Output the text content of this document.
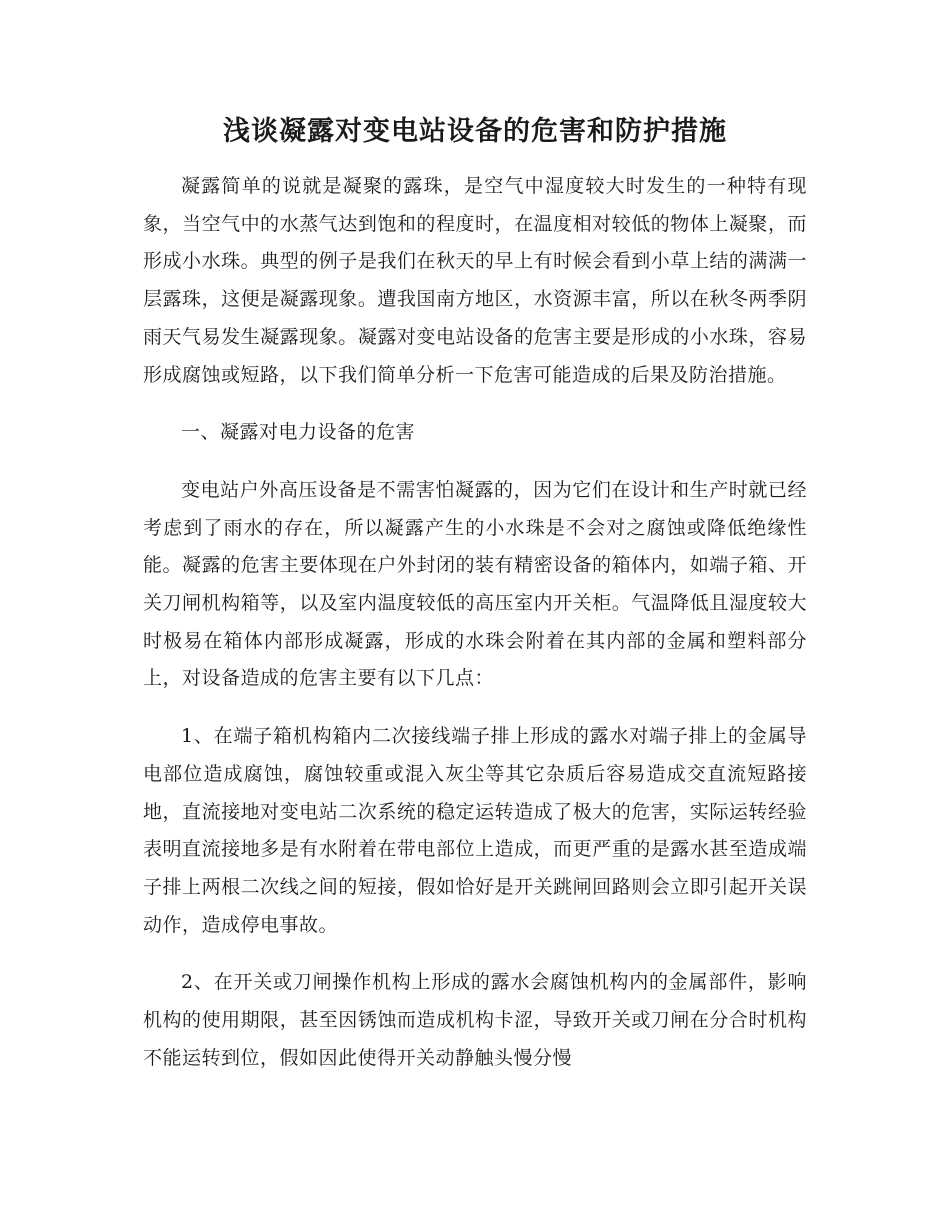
浅谈凝露对变电站设备的危害和防护措施

凝露简单的说就是凝聚的露珠，是空气中湿度较大时发生的一种特有现象，当空气中的水蒸气达到饱和的程度时，在温度相对较低的物体上凝聚，而形成小水珠。典型的例子是我们在秋天的早上有时候会看到小草上结的满满一层露珠，这便是凝露现象。遭我国南方地区，水资源丰富，所以在秋冬两季阴雨天气易发生凝露现象。凝露对变电站设备的危害主要是形成的小水珠，容易形成腐蚀或短路，以下我们简单分析一下危害可能造成的后果及防治措施。

一、凝露对电力设备的危害

变电站户外高压设备是不需害怕凝露的，因为它们在设计和生产时就已经考虑到了雨水的存在，所以凝露产生的小水珠是不会对之腐蚀或降低绝缘性能。凝露的危害主要体现在户外封闭的装有精密设备的箱体内，如端子箱、开关刀闸机构箱等，以及室内温度较低的高压室内开关柜。气温降低且湿度较大时极易在箱体内部形成凝露，形成的水珠会附着在其内部的金属和塑料部分上，对设备造成的危害主要有以下几点：

1、在端子箱机构箱内二次接线端子排上形成的露水对端子排上的金属导电部位造成腐蚀，腐蚀较重或混入灰尘等其它杂质后容易造成交直流短路接地，直流接地对变电站二次系统的稳定运转造成了极大的危害，实际运转经验表明直流接地多是有水附着在带电部位上造成，而更严重的是露水甚至造成端子排上两根二次线之间的短接，假如恰好是开关跳闸回路则会立即引起开关误动作，造成停电事故。

2、在开关或刀闸操作机构上形成的露水会腐蚀机构内的金属部件，影响机构的使用期限，甚至因锈蚀而造成机构卡涩，导致开关或刀闸在分合时机构不能运转到位，假如因此使得开关动静触头慢分慢
